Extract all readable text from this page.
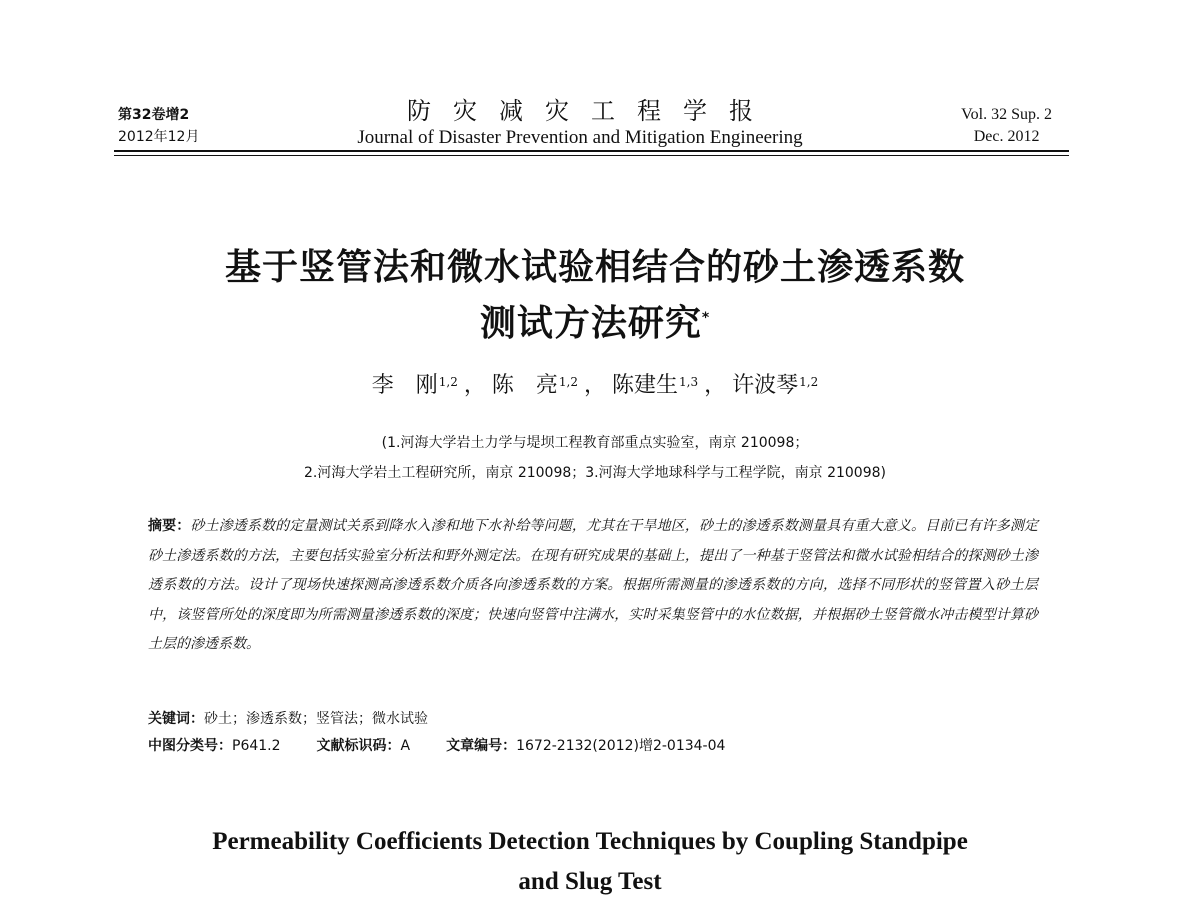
第32卷增2
2012年12月
防灾减灾工程学报
Journal of Disaster Prevention and Mitigation Engineering
Vol. 32 Sup. 2
Dec. 2012
基于竖管法和微水试验相结合的砂土渗透系数
测试方法研究*
李　刚$^{1,2}$ ， 陈　亮$^{1,2}$ ， 陈建生$^{1,3}$ ， 许波琴$^{1,2}$
(1.河海大学岩土力学与堤坝工程教育部重点实验室，南京 210098；
2.河海大学岩土工程研究所，南京 210098；3.河海大学地球科学与工程学院，南京 210098)
摘要：砂土渗透系数的定量测试关系到降水入渗和地下水补给等问题，尤其在干旱地区，砂土的渗透系数测量具有重大意义。目前已有许多测定砂土渗透系数的方法，主要包括实验室分析法和野外测定法。在现有研究成果的基础上，提出了一种基于竖管法和微水试验相结合的探测砂土渗透系数的方法。设计了现场快速探测高渗透系数介质各向渗透系数的方案。根据所需测量的渗透系数的方向，选择不同形状的竖管置入砂土层中，该竖管所处的深度即为所需测量渗透系数的深度；快速向竖管中注满水，实时采集竖管中的水位数据，并根据砂土竖管微水冲击模型计算砂土层的渗透系数。
关键词：砂土；渗透系数；竖管法；微水试验
中图分类号：P641.2	文献标识码：A	文章编号：1672-2132(2012)增2-0134-04
Permeability Coefficients Detection Techniques by Coupling Standpipe
and Slug Test
